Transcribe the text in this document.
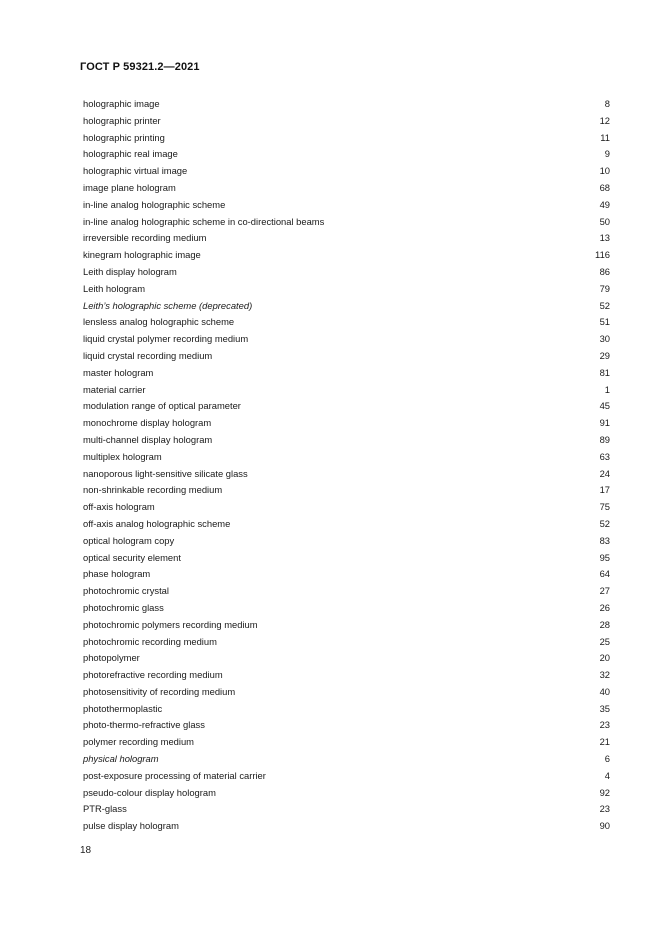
ГОСТ Р 59321.2—2021
holographic image	8
holographic printer	12
holographic printing	11
holographic real image	9
holographic virtual image	10
image plane hologram	68
in-line analog holographic scheme	49
in-line analog holographic scheme in co-directional beams	50
irreversible recording medium	13
kinegram holographic image	116
Leith display hologram	86
Leith hologram	79
Leith’s holographic scheme (deprecated)	52
lensless analog holographic scheme	51
liquid crystal polymer recording medium	30
liquid crystal recording medium	29
master hologram	81
material carrier	1
modulation range of optical parameter	45
monochrome display hologram	91
multi-channel display hologram	89
multiplex hologram	63
nanoporous light-sensitive silicate glass	24
non-shrinkable recording medium	17
off-axis hologram	75
off-axis analog holographic scheme	52
optical hologram copy	83
optical security element	95
phase hologram	64
photochromic crystal	27
photochromic glass	26
photochromic polymers recording medium	28
photochromic recording medium	25
photopolymer	20
photorefractive recording medium	32
photosensitivity of recording medium	40
photothermoplastic	35
photo-thermo-refractive glass	23
polymer recording medium	21
physical hologram	6
post-exposure processing of material carrier	4
pseudo-colour display hologram	92
PTR-glass	23
pulse display hologram	90
18
